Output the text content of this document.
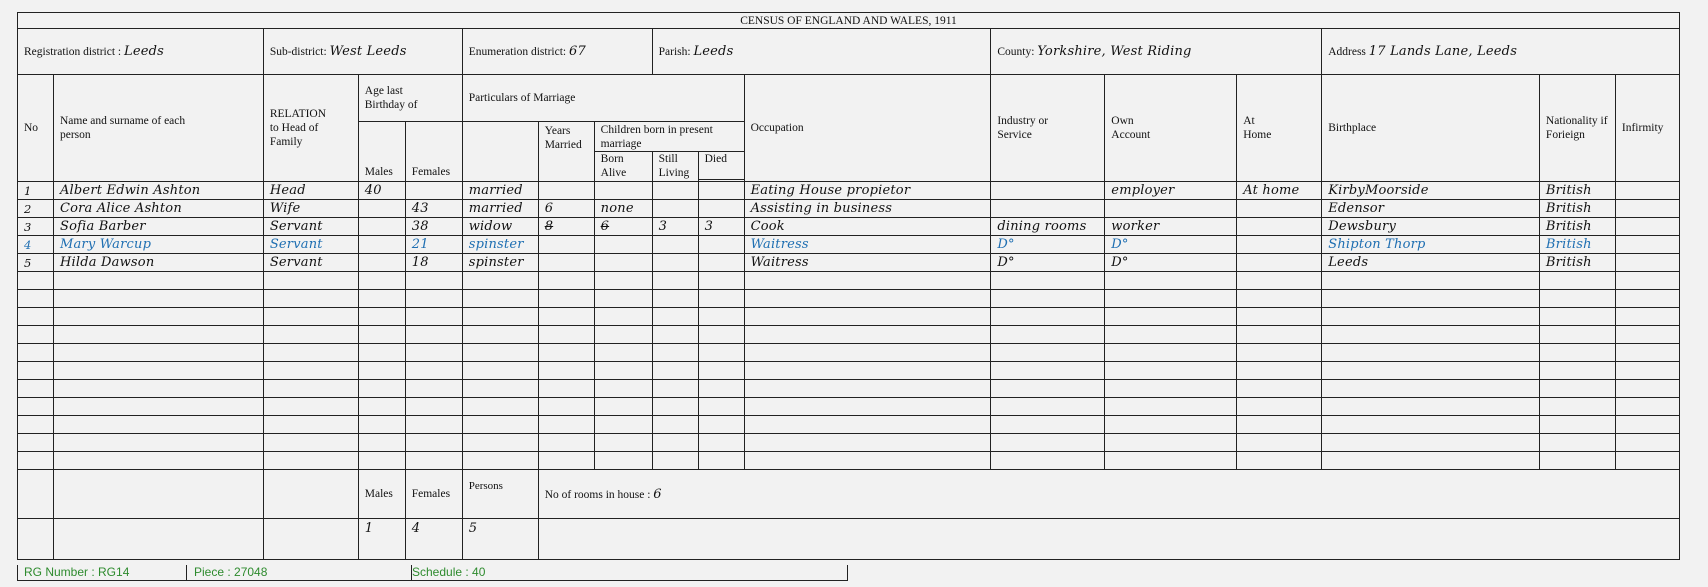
CENSUS OF ENGLAND AND WALES, 1911																
Registration district : Leeds		Sub-district: West Leeds			Enumeration district: 67			Parish: Leeds			County: Yorkshire, West Riding			Address 17 Lands Lane, Leeds		
No	Name and surname of each person	RELATION to Head of Family	Age last Birthday of		Particulars of Marriage					Occupation	Industry or Service	Own Account	At Home	Birthplace	Nationality if Forieign	Infirmity
			Males	Females		Years Married	Children born in present marriage									
							Born Alive	Still Living	Died							

1	Albert Edwin Ashton	Head	40		married					Eating House propietor		employer	At home	KirbyMoorside	British	
2	Cora Alice Ashton	Wife		43	married	6	none			Assisting in business				Edensor	British	
3	Sofia Barber	Servant		38	widow	8	6	3	3	Cook	dining rooms	worker		Dewsbury	British	
4	Mary Warcup	Servant		21	spinster					Waitress	D°	D°		Shipton Thorp	British	
5	Hilda Dawson	Servant		18	spinster					Waitress	D°	D°		Leeds	British	

			Males	Females	Persons	No of rooms in house : 6										
			1	4	5											
RG Number : RG14	Piece : 27048	Schedule : 40
